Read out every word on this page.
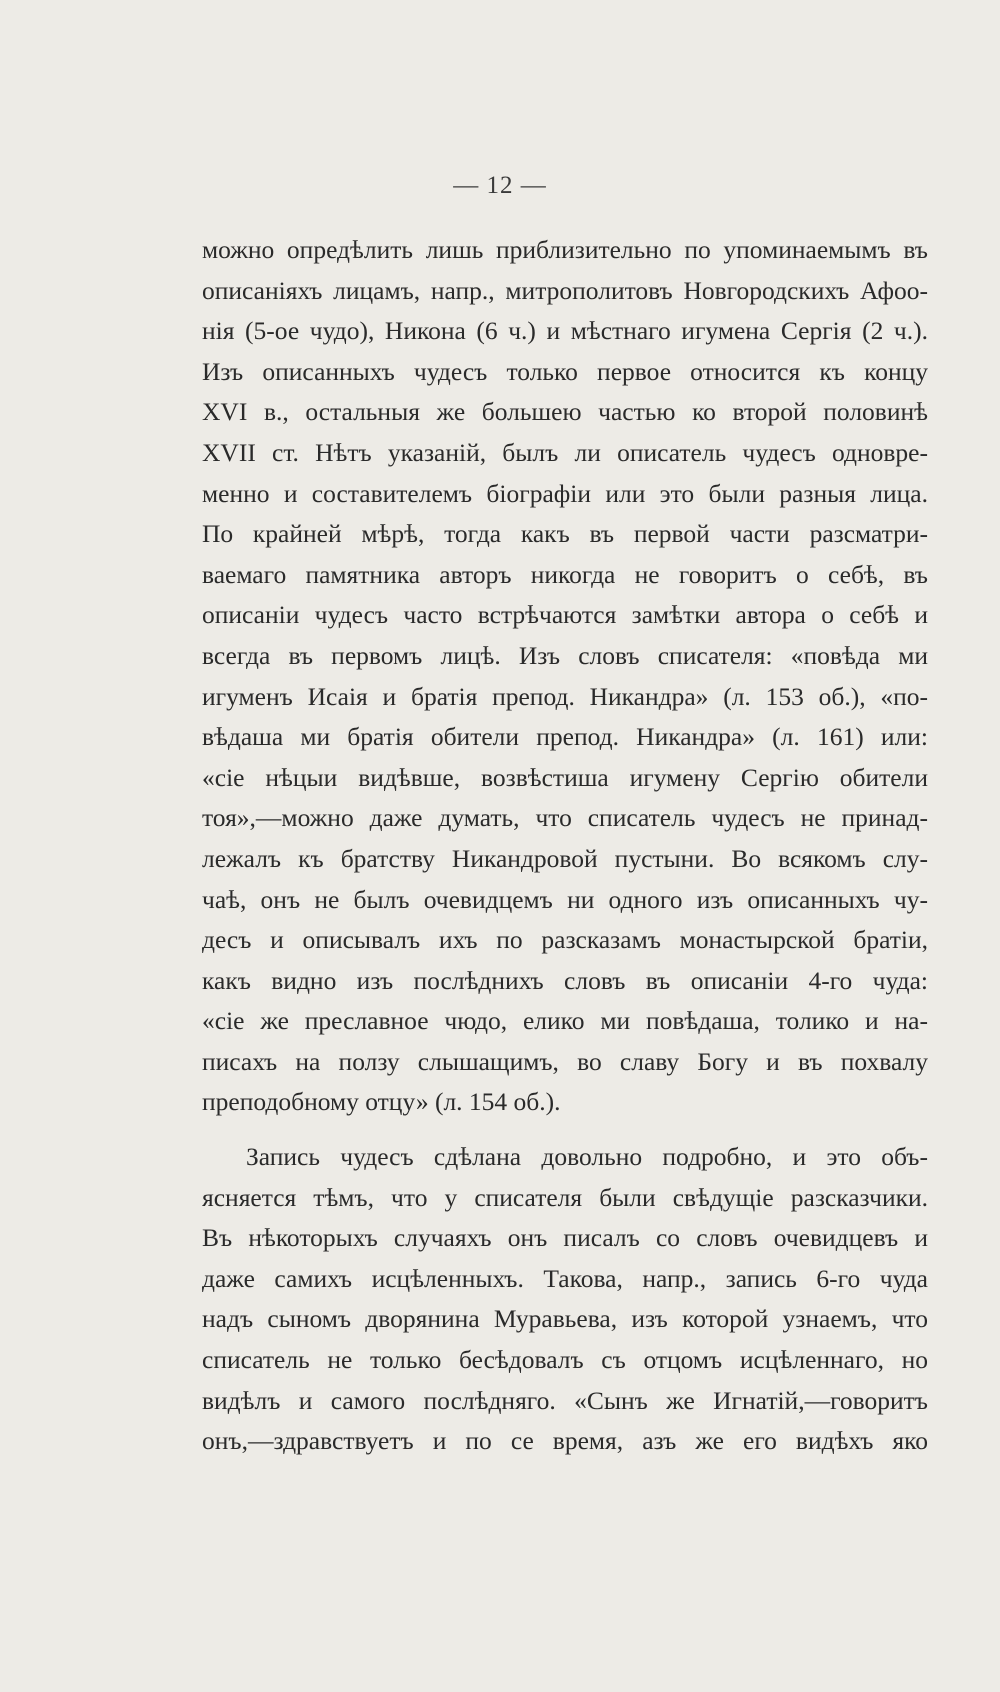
— 12 —
можно опредѣлить лишь приблизительно по упоминаемымъ въ
описаніяхъ лицамъ, напр., митрополитовъ Новгородскихъ Афоо-
нія (5-ое чудо), Никона (6 ч.) и мѣстнаго игумена Сергія (2 ч.).
Изъ описанныхъ чудесъ только первое относится къ концу
XVI в., остальныя же большею частью ко второй половинѣ
XVII ст. Нѣтъ указаній, былъ ли описатель чудесъ одновре-
менно и составителемъ біографіи или это были разныя лица.
По крайней мѣрѣ, тогда какъ въ первой части разсматри-
ваемаго памятника авторъ никогда не говоритъ о себѣ, въ
описаніи чудесъ часто встрѣчаются замѣтки автора о себѣ и
всегда въ первомъ лицѣ. Изъ словъ списателя: «повѣда ми
игуменъ Исаія и братія препод. Никандра» (л. 153 об.), «по-
вѣдаша ми братія обители препод. Никандра» (л. 161) или:
«сіе нѣцыи видѣвше, возвѣстиша игумену Сергію обители
тоя»,—можно даже думать, что списатель чудесъ не принад-
лежалъ къ братству Никандровой пустыни. Во всякомъ слу-
чаѣ, онъ не былъ очевидцемъ ни одного изъ описанныхъ чу-
десъ и описывалъ ихъ по разсказамъ монастырской братіи,
какъ видно изъ послѣднихъ словъ въ описаніи 4-го чуда:
«сіе же преславное чюдо, елико ми повѣдаша, толико и на-
писахъ на ползу слышащимъ, во славу Богу и въ похвалу
преподобному отцу» (л. 154 об.).
Запись чудесъ сдѣлана довольно подробно, и это объ-
ясняется тѣмъ, что у списателя были свѣдущіе разсказчики.
Въ нѣкоторыхъ случаяхъ онъ писалъ со словъ очевидцевъ и
даже самихъ исцѣленныхъ. Такова, напр., запись 6-го чуда
надъ сыномъ дворянина Муравьева, изъ которой узнаемъ, что
списатель не только бесѣдовалъ съ отцомъ исцѣленнаго, но
видѣлъ и самого послѣдняго. «Сынъ же Игнатій,—говоритъ
онъ,—здравствуетъ и по се время, азъ же его видѣхъ яко
